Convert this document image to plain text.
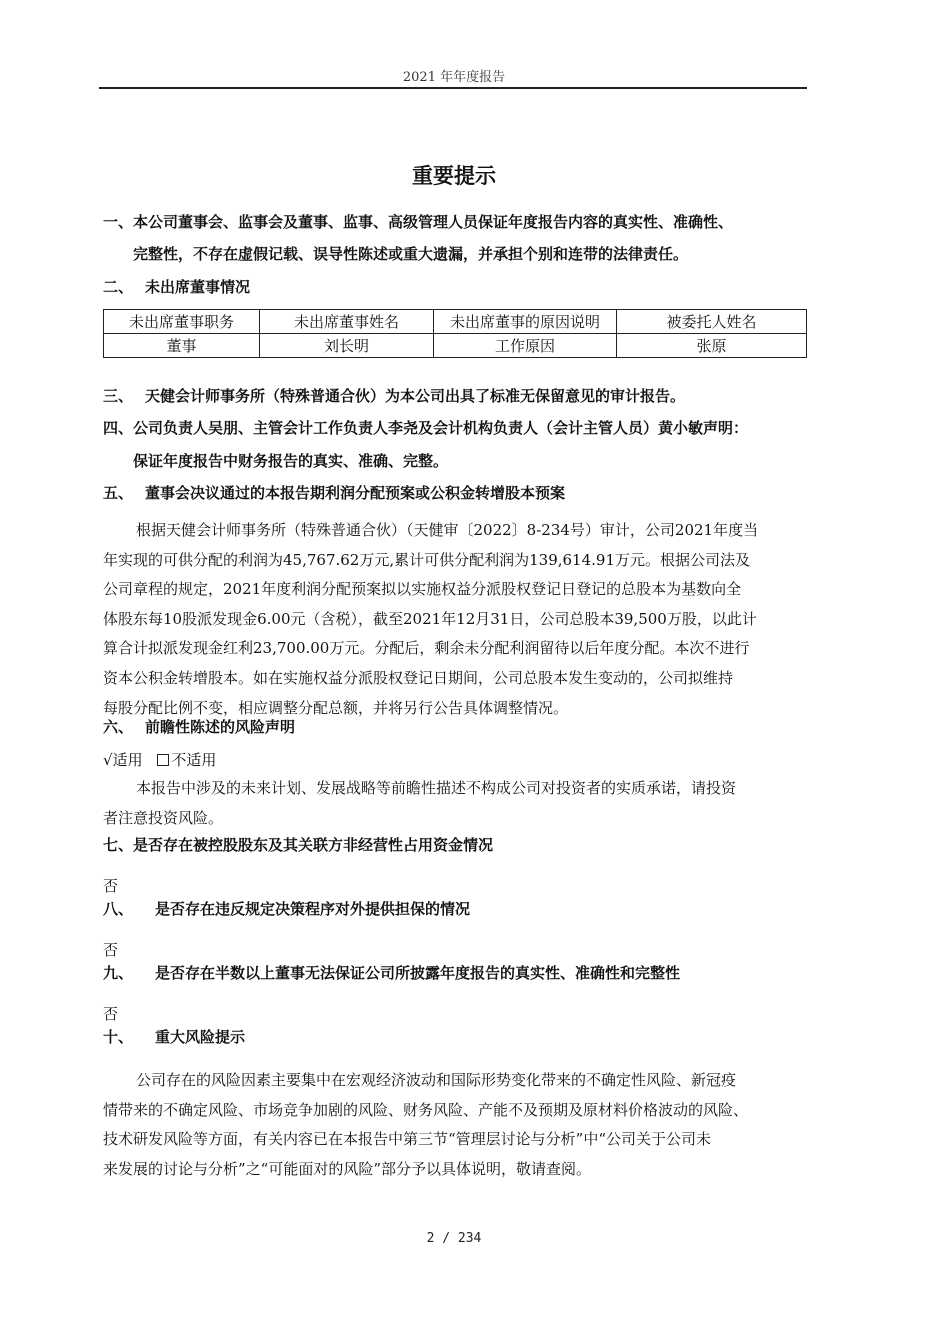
2021 年年度报告
重要提示
一、本公司董事会、监事会及董事、监事、高级管理人员保证年度报告内容的真实性、准确性、
完整性，不存在虚假记载、误导性陈述或重大遗漏，并承担个别和连带的法律责任。
二、 未出席董事情况
未出席董事职务	未出席董事姓名	未出席董事的原因说明	被委托人姓名
董事	刘长明	工作原因	张原
三、 天健会计师事务所（特殊普通合伙）为本公司出具了标准无保留意见的审计报告。
四、公司负责人吴朋、主管会计工作负责人李尧及会计机构负责人（会计主管人员）黄小敏声明：
保证年度报告中财务报告的真实、准确、完整。
五、 董事会决议通过的本报告期利润分配预案或公积金转增股本预案
根据天健会计师事务所（特殊普通合伙）（天健审〔2022〕8-234号）审计，公司2021年度当
年实现的可供分配的利润为45,767.62万元,累计可供分配利润为139,614.91万元。根据公司法及
公司章程的规定，2021年度利润分配预案拟以实施权益分派股权登记日登记的总股本为基数向全
体股东每10股派发现金6.00元（含税），截至2021年12月31日，公司总股本39,500万股，以此计
算合计拟派发现金红利23,700.00万元。分配后，剩余未分配利润留待以后年度分配。本次不进行
资本公积金转增股本。如在实施权益分派股权登记日期间，公司总股本发生变动的，公司拟维持
每股分配比例不变，相应调整分配总额，并将另行公告具体调整情况。
六、 前瞻性陈述的风险声明
√适用 不适用
本报告中涉及的未来计划、发展战略等前瞻性描述不构成公司对投资者的实质承诺，请投资
者注意投资风险。
七、是否存在被控股股东及其关联方非经营性占用资金情况
否
八、 是否存在违反规定决策程序对外提供担保的情况
否
九、 是否存在半数以上董事无法保证公司所披露年度报告的真实性、准确性和完整性
否
十、 重大风险提示
公司存在的风险因素主要集中在宏观经济波动和国际形势变化带来的不确定性风险、新冠疫
情带来的不确定风险、市场竞争加剧的风险、财务风险、产能不及预期及原材料价格波动的风险、
技术研发风险等方面，有关内容已在本报告中第三节“管理层讨论与分析”中“公司关于公司未
来发展的讨论与分析”之“可能面对的风险”部分予以具体说明，敬请查阅。
2 / 234
